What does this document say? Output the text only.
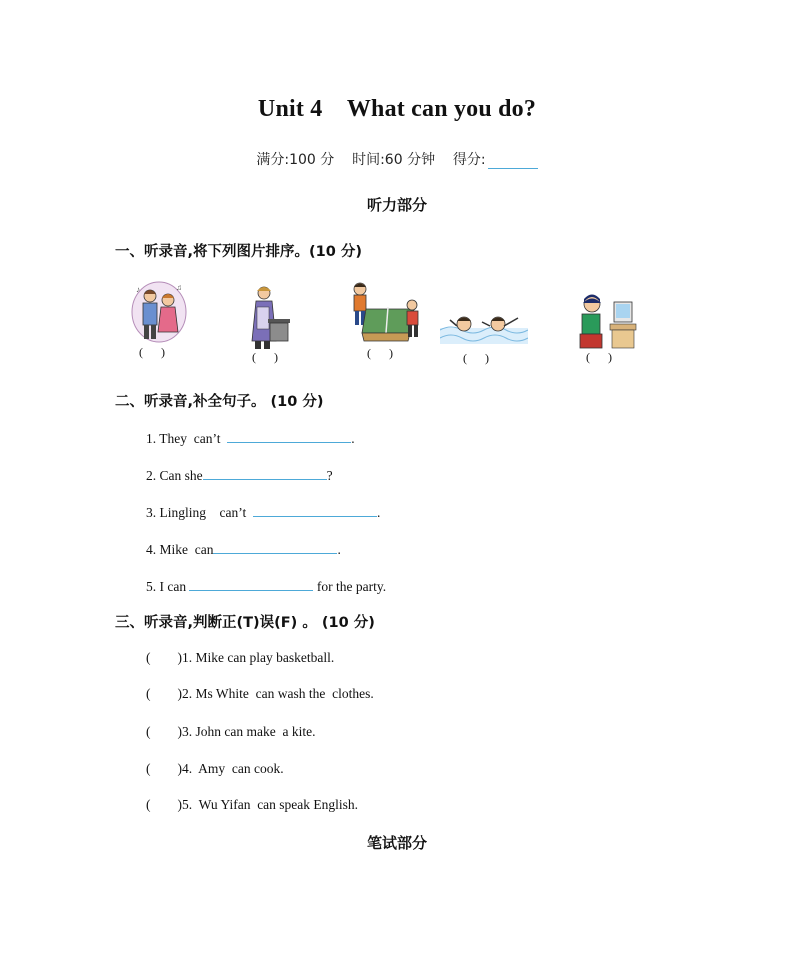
Unit 4    What can you do?
满分:100 分 时间:60 分钟 得分:
听力部分
一、听录音,将下列图片排序。(10 分)
♪	♫
(      )	(      )	(      )	(      )	(      )
二、听录音,补全句子。 (10 分)
1. They  can’t	.
2. Can she	?
3. Lingling    can’t	.
4. Mike  can	.
5. I can	for the party.
三、听录音,判断正(T)误(F) 。 (10 分)
(        )1. Mike can play basketball.
(        )2. Ms White  can wash the  clothes.
(        )3. John can make  a kite.
(        )4.  Amy  can cook.
(        )5.  Wu Yifan  can speak English.
笔试部分
